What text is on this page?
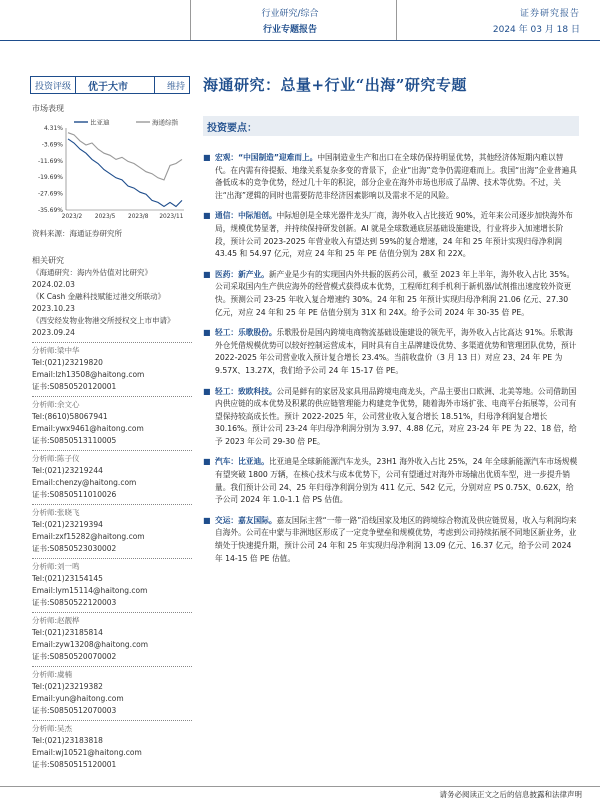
行业研究/综合
行业专题报告
证券研究报告
2024 年 03 月 18 日
投资评级	优于大市	维持 海通研究：总量+行业“出海”研究专题
市场表现
比亚迪	海通综指
4.31%
-3.69%
-11.69%
-19.69%
-27.69%
-35.69%
2023/2 2023/5 2023/8 2023/11
资料来源：海通证券研究所
相关研究
《海通研究：海内外估值对比研究》
2024.02.03
《K Cash 金融科技赋能过港交所联动》
2023.10.23
《西安经发物业物港交所授权交上市申请》
2023.09.24
分析师:梁中华
Tel:(021)23219820
Email:lzh13508@haitong.com
证书:S0850520120001
分析师:余文心
Tel:(8610)58067941
Email:ywx9461@haitong.com
证书:S0850513110005
分析师:陈子仪
Tel:(021)23219244
Email:chenzy@haitong.com
证书:S0850511010026
分析师:张晓飞
Tel:(021)23219394
Email:zxf15282@haitong.com
证书:S0850523030002
分析师:刘一鸣
Tel:(021)23154145
Email:lym15114@haitong.com
证书:S0850522120003
分析师:赵靓桦
Tel:(021)23185814
Email:zyw13208@haitong.com
证书:S0850520070002
分析师:虞楠
Tel:(021)23219382
Email:yun@haitong.com
证书:S0850512070003
分析师:吴杰
Tel:(021)23183818
Email:wj10521@haitong.com
证书:S0850515120001
投资要点：
■ 宏观：“中国制造”迎难而上。中国制造业生产和出口在全球仍保持明显优势，其他经济体短期内难以替代。在内需有待提振、地缘关系复杂多变的背景下，企业“出海”竞争仍需迎难而上。我国“出海”企业普遍具备低成本的竞争优势，经过几十年的积淀，部分企业在海外市场也形成了品牌、技术等优势。不过，关注“出海”逻辑的同时也需要防范非经济因素影响以及需求不足的风险。
■ 通信：中际旭创。中际旭创是全球光器件龙头厂商，海外收入占比接近 90%，近年来公司逐步加快海外布局，规模优势显著，并持续保持研发创新。AI 就是全球数通底层基础设施建设，行业将步入加速增长阶段，预计公司 2023-2025 年营业收入有望达到 59%的复合增速，24 年和 25 年预计实现归母净利润 43.45 和 54.97 亿元，对应 24 年和 25 年 PE 估值分别为 28X 和 22X。
■ 医药：新产业。新产业是少有的实现国内外共振的医药公司，截至 2023 年上半年，海外收入占比 35%。公司采取国内生产供应海外的经营模式获得成本优势，工程师红利手机利于新机器/试剂推出速度较外资更快。预测公司 23-25 年收入复合增速约 30%。24 年和 25 年预计实现归母净利润 21.06 亿元、27.30 亿元，对应 24 年和 25 年 PE 估值分别为 31X 和 24X。给予公司 2024 年 30-35 倍 PE。
■ 轻工：乐歌股份。乐歌股份是国内跨境电商物流基础设施建设的领先平，海外收入占比高达 91%。乐歌海外仓凭借规模优势可以较好控制运营成本，同时具有自主品牌建设优势、多渠道优势和管理团队优势，预计 2022-2025 年公司营业收入预计复合增长 23.4%。当前收盘价（3 月 13 日）对应 23、24 年 PE 为 9.57X、13.27X，我们给予公司 24 年 15-17 倍 PE。
■ 轻工：致欧科技。公司是鲜有的家居及家具用品跨境电商龙头，产品主要出口欧洲、北美等地。公司借助国内供应链的成本优势及积累的供应链管理能力构建竞争优势，随着海外市场扩张、电商平台拓展等，公司有望保持较高成长性。预计 2022-2025 年，公司营业收入复合增长 18.51%，归母净利润复合增长 30.16%。预计公司 23-24 年归母净利润分别为 3.97、4.88 亿元，对应 23-24 年 PE 为 22、18 倍，给予 2023 年公司 29-30 倍 PE。
■ 汽车：比亚迪。比亚迪是全球新能源汽车龙头，23H1 海外收入占比 25%，24 年全球新能源汽车市场规模有望突破 1800 万辆，在核心技术与成本优势下，公司有望通过对海外市场输出优质车型，进一步提升销量。我们预计公司 24、25 年归母净利润分别为 411 亿元、542 亿元，分别对应 PS 0.75X、0.62X，给予公司 2024 年 1.0-1.1 倍 PS 估值。
■ 交运：嘉友国际。嘉友国际主营“一带一路”沿线国家及地区的跨境综合物流及供应链贸易，收入与利润均来自海外。公司在中蒙与非洲地区形成了一定竞争壁垒和规模优势，考虑到公司持续拓展不同地区新业务，业绩处于快速提升期，预计公司 24 年和 25 年实现归母净利润 13.09 亿元、16.37 亿元，给予公司 2024 年 14-15 倍 PE 估值。
请务必阅读正文之后的信息披露和法律声明
